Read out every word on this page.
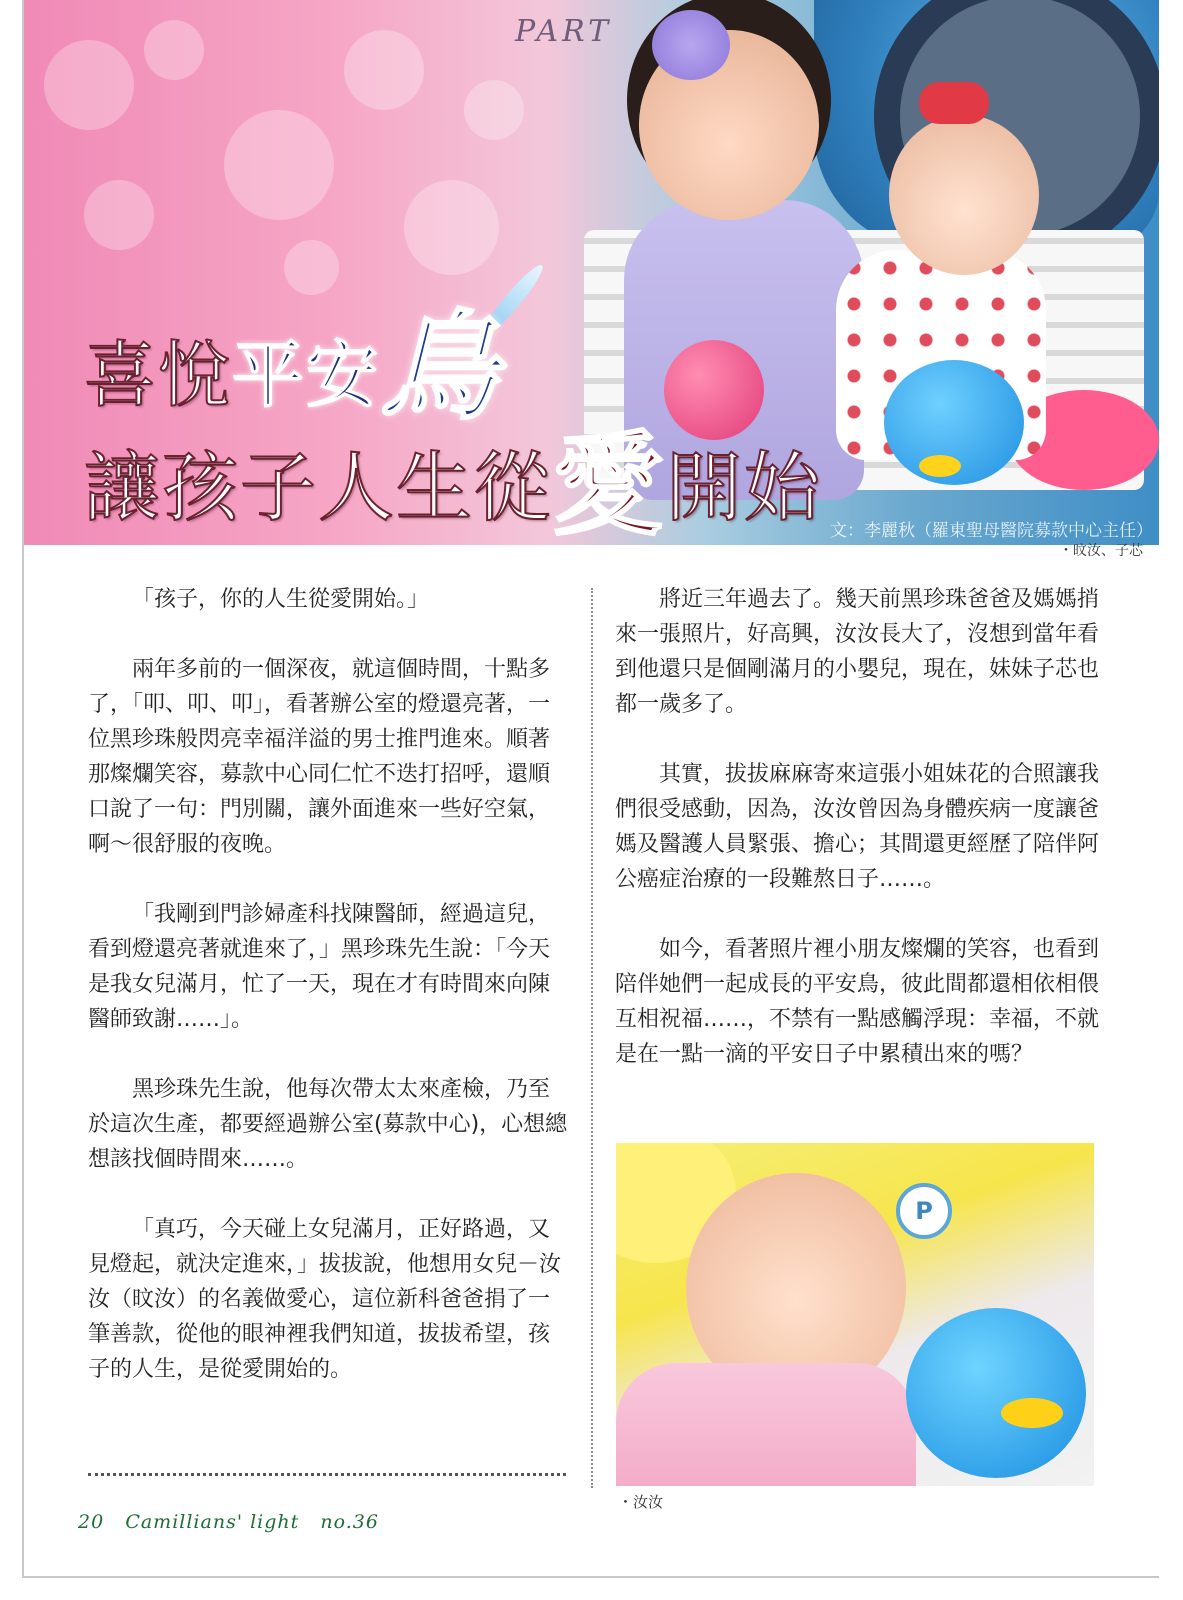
PART
喜悅平安鳥
讓孩子人生從愛開始 文：李麗秋（羅東聖母醫院募款中心主任）
・旼汝、子芯

「孩子，你的人生從愛開始。」

兩年多前的一個深夜，就這個時間，十點多了，「叩、叩、叩」，看著辦公室的燈還亮著，一位黑珍珠般閃亮幸福洋溢的男士推門進來。順著那燦爛笑容，募款中心同仁忙不迭打招呼，還順口說了一句：門別關，讓外面進來一些好空氣，啊～很舒服的夜晚。

「我剛到門診婦產科找陳醫師，經過這兒，看到燈還亮著就進來了，」黑珍珠先生說：「今天是我女兒滿月，忙了一天，現在才有時間來向陳醫師致謝……」。

黑珍珠先生說，他每次帶太太來產檢，乃至於這次生產，都要經過辦公室(募款中心)，心想總想該找個時間來……。

「真巧，今天碰上女兒滿月，正好路過，又見燈起，就決定進來，」拔拔說，他想用女兒－汝汝（旼汝）的名義做愛心，這位新科爸爸捐了一筆善款，從他的眼神裡我們知道，拔拔希望，孩子的人生，是從愛開始的。

將近三年過去了。幾天前黑珍珠爸爸及媽媽捎來一張照片，好高興，汝汝長大了，沒想到當年看到他還只是個剛滿月的小嬰兒，現在，妹妹子芯也都一歲多了。

其實，拔拔麻麻寄來這張小姐妹花的合照讓我們很受感動，因為，汝汝曾因為身體疾病一度讓爸媽及醫護人員緊張、擔心；其間還更經歷了陪伴阿公癌症治療的一段難熬日子……。

如今，看著照片裡小朋友燦爛的笑容，也看到陪伴她們一起成長的平安鳥，彼此間都還相依相偎互相祝福……，不禁有一點感觸浮現：幸福，不就是在一點一滴的平安日子中累積出來的嗎？

P
・汝汝
20 Camillians' light no.36
